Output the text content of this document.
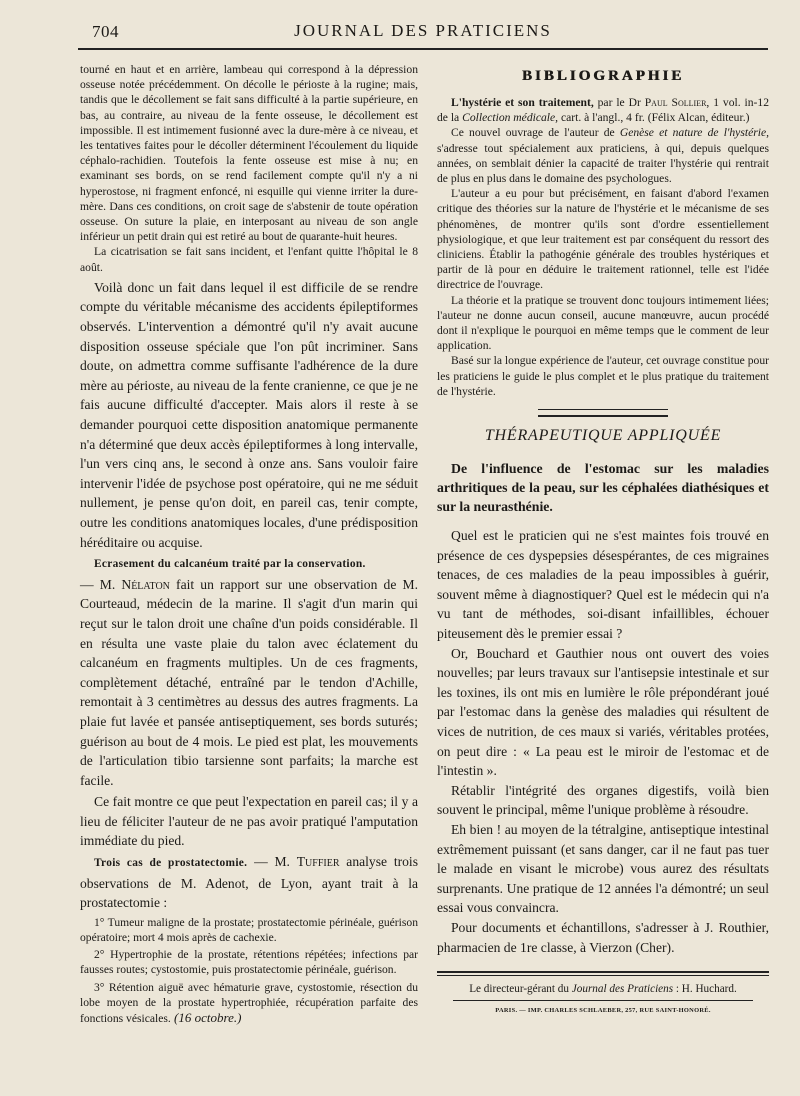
704	JOURNAL DES PRATICIENS

tourné en haut et en arrière, lambeau qui correspond à la dépression osseuse notée précédemment. On décolle le périoste à la rugine; mais, tandis que le décollement se fait sans difficulté à la partie supérieure, en bas, au contraire, au niveau de la fente osseuse, le décollement est impossible. Il est intimement fusionné avec la dure-mère à ce niveau, et les tentatives faites pour le décoller déterminent l'écoulement du liquide céphalo-rachidien. Toutefois la fente osseuse est mise à nu; en examinant ses bords, on se rend facilement compte qu'il n'y a ni hyperostose, ni fragment enfoncé, ni esquille qui vienne irriter la dure-mère. Dans ces conditions, on croit sage de s'abstenir de toute opération osseuse. On suture la plaie, en interposant au niveau de son angle inférieur un petit drain qui est retiré au bout de quarante-huit heures.

La cicatrisation se fait sans incident, et l'enfant quitte l'hôpital le 8 août.

Voilà donc un fait dans lequel il est difficile de se rendre compte du véritable mécanisme des accidents épileptiformes observés. L'intervention a démontré qu'il n'y avait aucune disposition osseuse spéciale que l'on pût incriminer. Sans doute, on admettra comme suffisante l'adhérence de la dure mère au périoste, au niveau de la fente cranienne, ce que je ne fais aucune difficulté d'accepter. Mais alors il reste à se demander pourquoi cette disposition anatomique permanente n'a déterminé que deux accès épileptiformes à long intervalle, l'un vers cinq ans, le second à onze ans. Sans vouloir faire intervenir l'idée de psychose post opératoire, qui ne me séduit nullement, je pense qu'on doit, en pareil cas, tenir compte, outre les conditions anatomiques locales, d'une prédisposition héréditaire ou acquise.

Ecrasement du calcanéum traité par la conservation.
— M. Nélaton fait un rapport sur une observation de M. Courteaud, médecin de la marine. Il s'agit d'un marin qui reçut sur le talon droit une chaîne d'un poids considérable. Il en résulta une vaste plaie du talon avec éclatement du calcanéum en fragments multiples. Un de ces fragments, complètement détaché, entraîné par le tendon d'Achille, remontait à 3 centimètres au dessus des autres fragments. La plaie fut lavée et pansée antiseptiquement, ses bords suturés; guérison au bout de 4 mois. Le pied est plat, les mouvements de l'articulation tibio tarsienne sont parfaits; la marche est facile.

Ce fait montre ce que peut l'expectation en pareil cas; il y a lieu de féliciter l'auteur de ne pas avoir pratiqué l'amputation immédiate du pied.

Trois cas de prostatectomie. — M. Tuffier analyse trois observations de M. Adenot, de Lyon, ayant trait à la prostatectomie :

1° Tumeur maligne de la prostate; prostatectomie périnéale, guérison opératoire; mort 4 mois après de cachexie.

2° Hypertrophie de la prostate, rétentions répétées; infections par fausses routes; cystostomie, puis prostatectomie périnéale, guérison.

3° Rétention aiguë avec hématurie grave, cystostomie, résection du lobe moyen de la prostate hypertrophiée, récupération parfaite des fonctions vésicales. (16 octobre.)

BIBLIOGRAPHIE

L'hystérie et son traitement, par le Dr Paul Sollier, 1 vol. in-12 de la Collection médicale, cart. à l'angl., 4 fr. (Félix Alcan, éditeur.)

Ce nouvel ouvrage de l'auteur de Genèse et nature de l'hystérie, s'adresse tout spécialement aux praticiens, à qui, depuis quelques années, on semblait dénier la capacité de traiter l'hystérie qui rentrait de plus en plus dans le domaine des psychologues.

L'auteur a eu pour but précisément, en faisant d'abord l'examen critique des théories sur la nature de l'hystérie et le mécanisme de ses phénomènes, de montrer qu'ils sont d'ordre essentiellement physiologique, et que leur traitement est par conséquent du ressort des cliniciens. Établir la pathogénie générale des troubles hystériques et partir de là pour en déduire le traitement rationnel, telle est l'idée directrice de l'ouvrage.

La théorie et la pratique se trouvent donc toujours intimement liées; l'auteur ne donne aucun conseil, aucune manœuvre, aucun procédé dont il n'explique le pourquoi en même temps que le comment de leur application.

Basé sur la longue expérience de l'auteur, cet ouvrage constitue pour les praticiens le guide le plus complet et le plus pratique du traitement de l'hystérie.

THÉRAPEUTIQUE APPLIQUÉE
De l'influence de l'estomac sur les maladies arthritiques de la peau, sur les céphalées diathésiques et sur la neurasthénie.

Quel est le praticien qui ne s'est maintes fois trouvé en présence de ces dyspepsies désespérantes, de ces migraines tenaces, de ces maladies de la peau impossibles à guérir, souvent même à diagnostiquer? Quel est le médecin qui n'a vu tant de méthodes, soi-disant infaillibles, échouer piteusement dès le premier essai ?

Or, Bouchard et Gauthier nous ont ouvert des voies nouvelles; par leurs travaux sur l'antisepsie intestinale et sur les toxines, ils ont mis en lumière le rôle prépondérant joué par l'estomac dans la genèse des maladies qui résultent de vices de nutrition, de ces maux si variés, véritables protées, on peut dire : « La peau est le miroir de l'estomac et de l'intestin ».

Rétablir l'intégrité des organes digestifs, voilà bien souvent le principal, même l'unique problème à résoudre.

Eh bien ! au moyen de la tétralgine, antiseptique intestinal extrêmement puissant (et sans danger, car il ne faut pas tuer le malade en visant le microbe) vous aurez des résultats surprenants. Une pratique de 12 années l'a démontré; un seul essai vous convaincra.

Pour documents et échantillons, s'adresser à J. Routhier, pharmacien de 1re classe, à Vierzon (Cher).

Le directeur-gérant du Journal des Praticiens : H. Huchard.
PARIS. — IMP. CHARLES SCHLAEBER, 257, RUE SAINT-HONORÉ.
